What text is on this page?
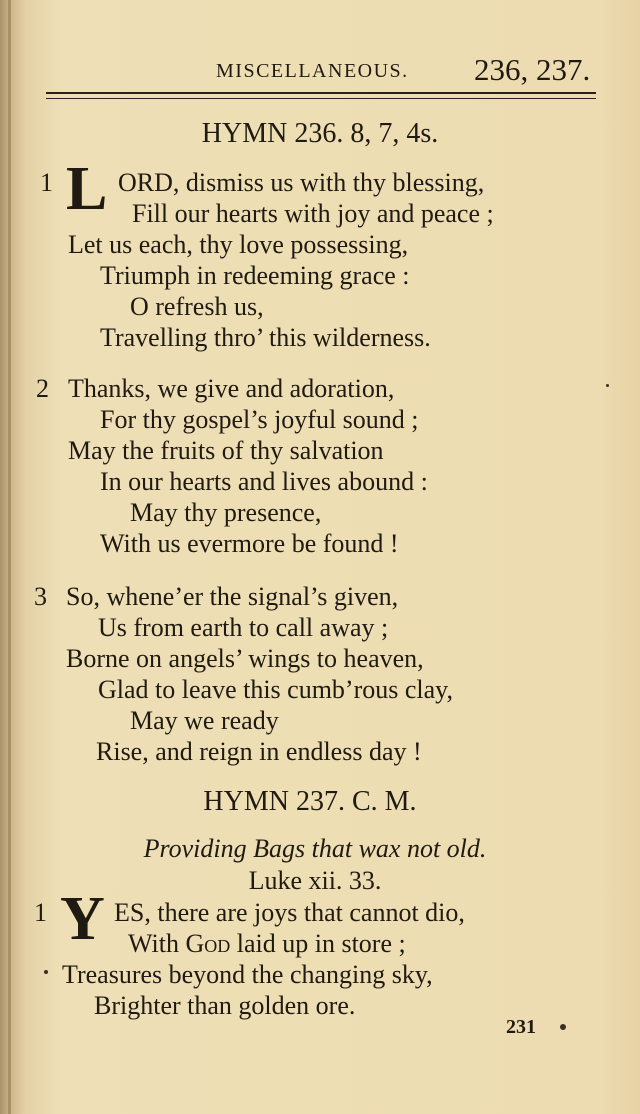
MISCELLANEOUS. 236, 237.
HYMN 236. 8, 7, 4s.
1 L ORD, dismiss us with thy blessing,
Fill our hearts with joy and peace ;
Let us each, thy love possessing,
Triumph in redeeming grace :
O refresh us,
Travelling thro’ this wilderness.
2 Thanks, we give and adoration,
For thy gospel’s joyful sound ;
May the fruits of thy salvation
In our hearts and lives abound :
May thy presence,
With us evermore be found !
3 So, whene’er the signal’s given,
Us from earth to call away ;
Borne on angels’ wings to heaven,
Glad to leave this cumb’rous clay,
May we ready
Rise, and reign in endless day !
HYMN 237. C. M.
Providing Bags that wax not old.
Luke xii. 33.
1 Y ES, there are joys that cannot dio,
With God laid up in store ;
Treasures beyond the changing sky,
Brighter than golden ore.
231
